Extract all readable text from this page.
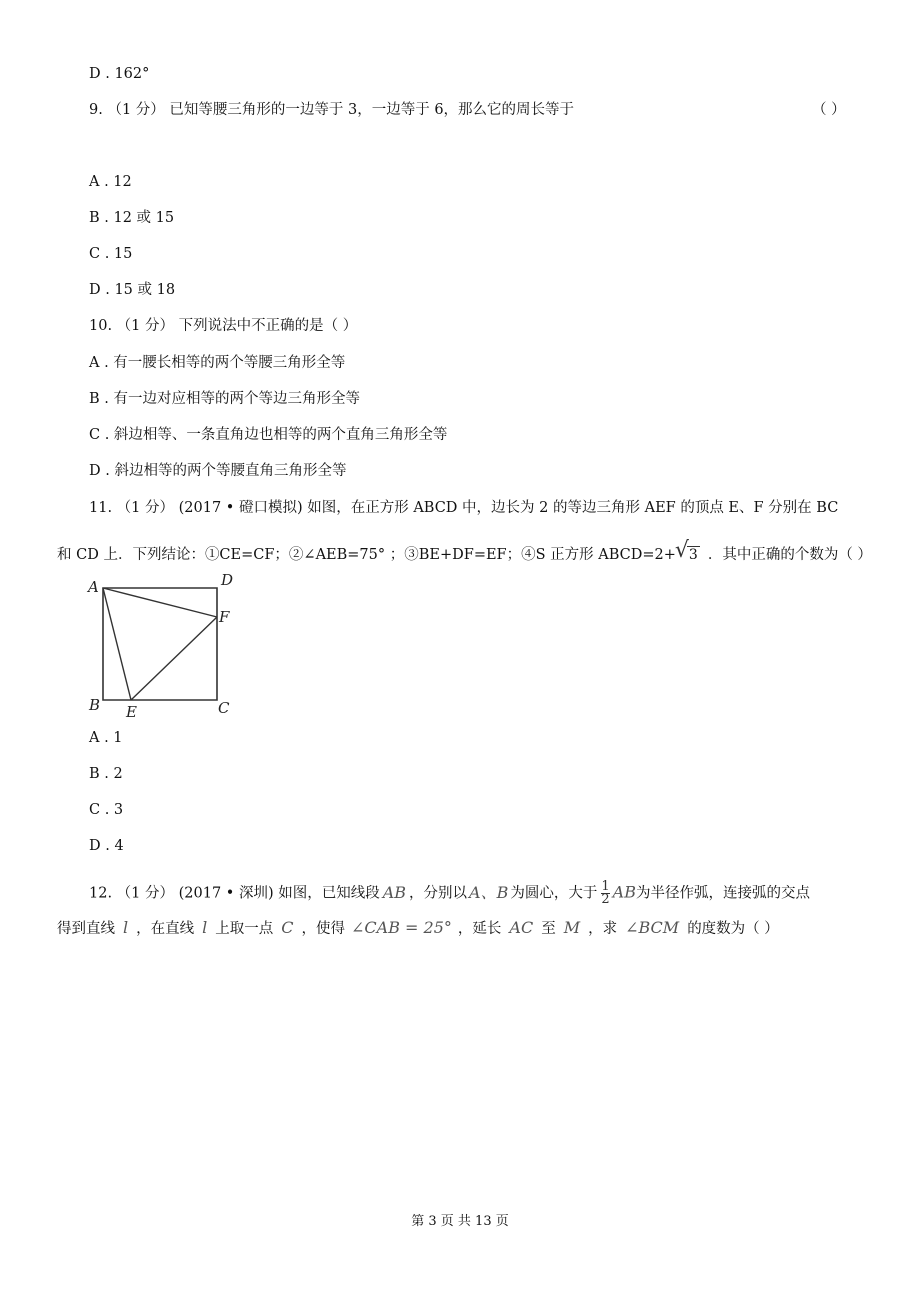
D . 162°
9. （1 分） 已知等腰三角形的一边等于 3，一边等于 6，那么它的周长等于	（ ）
A . 12
B . 12 或 15
C . 15
D . 15 或 18
10. （1 分） 下列说法中不正确的是（ ）
A . 有一腰长相等的两个等腰三角形全等
B . 有一边对应相等的两个等边三角形全等
C . 斜边相等、一条直角边也相等的两个直角三角形全等
D . 斜边相等的两个等腰直角三角形全等
11. （1 分） (2017 • 磴口模拟) 如图，在正方形 ABCD 中，边长为 2 的等边三角形 AEF 的顶点 E、F 分别在 BC
和 CD 上．下列结论：①CE=CF；②∠AEB=75° ；③BE+DF=EF；④S 正方形 ABCD=2+√ 3 ．其中正确的个数为（ ）
A	D
F
B E	C
A . 1
B . 2
C . 3
D . 4
12. （1 分） (2017 • 深圳) 如图，已知线段 AB ，分别以 A、B 为圆心，大于 $\frac{1}{2}$ AB为半径作弧，连接弧的交点
得到直线 l ，在直线 l 上取一点 C ，使得 ∠CAB = 25° ，延长 AC 至 M ，求 ∠BCM 的度数为（ ）
第 3 页 共 13 页
